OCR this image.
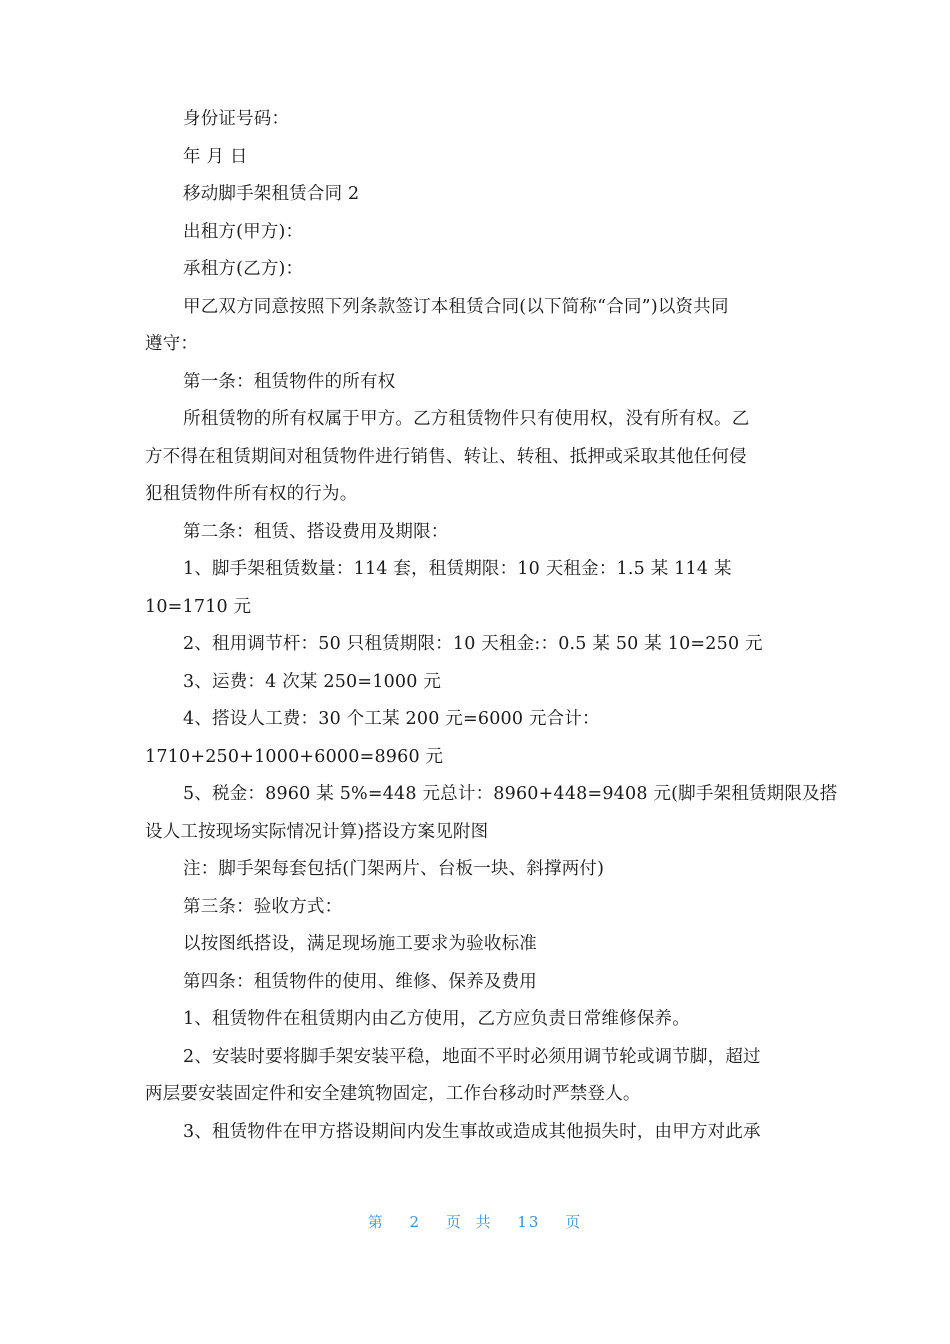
身份证号码：
年 月 日
移动脚手架租赁合同 2
出租方(甲方)：
承租方(乙方)：
甲乙双方同意按照下列条款签订本租赁合同(以下简称“合同”)以资共同
遵守：
第一条：租赁物件的所有权
所租赁物的所有权属于甲方。乙方租赁物件只有使用权，没有所有权。乙
方不得在租赁期间对租赁物件进行销售、转让、转租、抵押或采取其他任何侵
犯租赁物件所有权的行为。
第二条：租赁、搭设费用及期限：
1、脚手架租赁数量：114 套，租赁期限：10 天租金：1.5 某 114 某
10=1710 元
2、租用调节杆：50 只租赁期限：10 天租金:：0.5 某 50 某 10=250 元
3、运费：4 次某 250=1000 元
4、搭设人工费：30 个工某 200 元=6000 元合计：
1710+250+1000+6000=8960 元
5、税金：8960 某 5%=448 元总计：8960+448=9408 元(脚手架租赁期限及搭
设人工按现场实际情况计算)搭设方案见附图
注：脚手架每套包括(门架两片、台板一块、斜撑两付)
第三条：验收方式：
以按图纸搭设，满足现场施工要求为验收标准
第四条：租赁物件的使用、维修、保养及费用
1、租赁物件在租赁期内由乙方使用，乙方应负责日常维修保养。
2、安装时要将脚手架安装平稳，地面不平时必须用调节轮或调节脚，超过
两层要安装固定件和安全建筑物固定，工作台移动时严禁登人。
3、租赁物件在甲方搭设期间内发生事故或造成其他损失时，由甲方对此承
第 2 页 共 13 页
